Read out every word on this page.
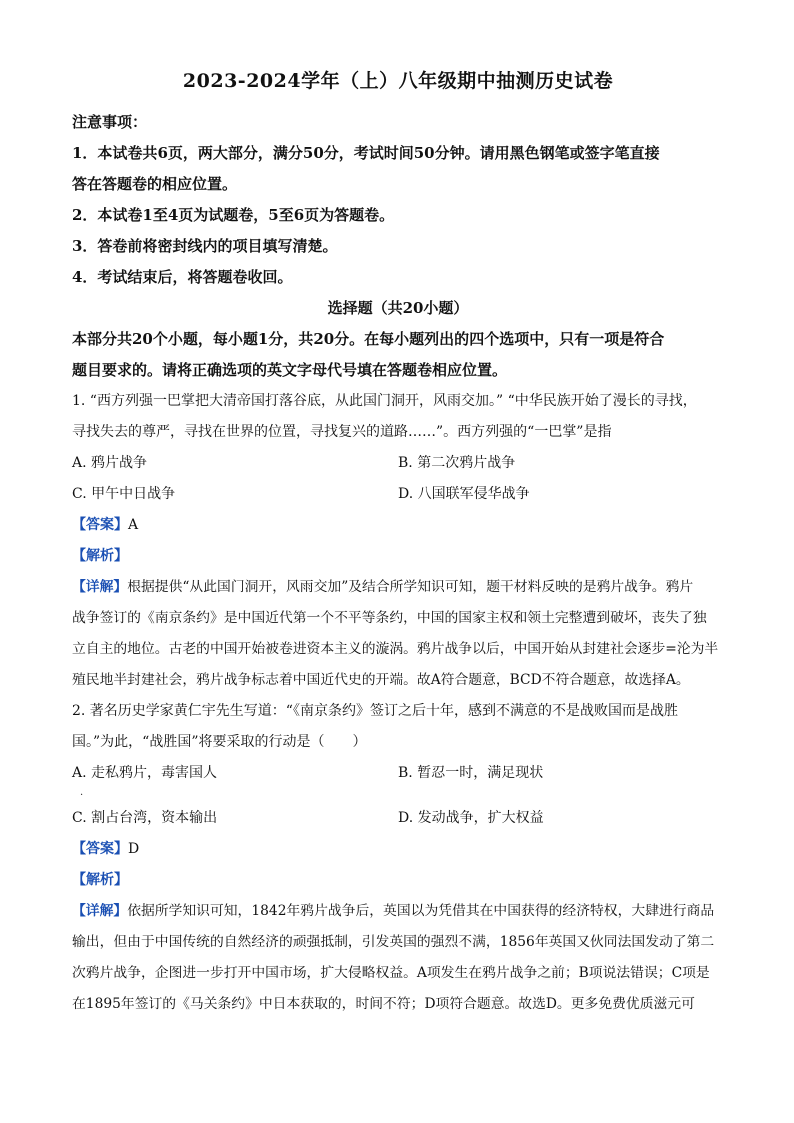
2023-2024学年（上）八年级期中抽测历史试卷

注意事项：

1．本试卷共6页，两大部分，满分50分，考试时间50分钟。请用黑色钢笔或签字笔直接

答在答题卷的相应位置。

2．本试卷1至4页为试题卷，5至6页为答题卷。

3．答卷前将密封线内的项目填写清楚。

4．考试结束后，将答题卷收回。

选择题（共20小题）

本部分共20个小题，每小题1分，共20分。在每小题列出的四个选项中，只有一项是符合

题目要求的。请将正确选项的英文字母代号填在答题卷相应位置。

1. “西方列强一巴掌把大清帝国打落谷底，从此国门洞开，风雨交加。” “中华民族开始了漫长的寻找，

寻找失去的尊严，寻找在世界的位置，寻找复兴的道路……”。西方列强的“一巴掌”是指

A. 鸦片战争	B. 第二次鸦片战争
C. 甲午中日战争	D. 八国联军侵华战争
【答案】A
【解析】

【详解】根据提供“从此国门洞开，风雨交加”及结合所学知识可知，题干材料反映的是鸦片战争。鸦片

战争签订的《南京条约》是中国近代第一个不平等条约，中国的国家主权和领土完整遭到破坏，丧失了独

立自主的地位。古老的中国开始被卷进资本主义的漩涡。鸦片战争以后，中国开始从封建社会逐步=沦为半

殖民地半封建社会，鸦片战争标志着中国近代史的开端。故A符合题意，BCD不符合题意，故选择A。

2. 著名历史学家黄仁宇先生写道：“《南京条约》签订之后十年，感到不满意的不是战败国而是战胜

国。”为此，“战胜国”将要采取的行动是（　　）

A. 走私鸦片，毒害国人	B. 暂忍一时，满足现状
·
C. 割占台湾，资本输出	D. 发动战争，扩大权益
【答案】D
【解析】

【详解】依据所学知识可知，1842年鸦片战争后，英国以为凭借其在中国获得的经济特权，大肆进行商品

输出，但由于中国传统的自然经济的顽强抵制，引发英国的强烈不满，1856年英国又伙同法国发动了第二

次鸦片战争，企图进一步打开中国市场，扩大侵略权益。A项发生在鸦片战争之前；B项说法错误；C项是

在1895年签订的《马关条约》中日本获取的，时间不符；D项符合题意。故选D。更多免费优质滋元可
